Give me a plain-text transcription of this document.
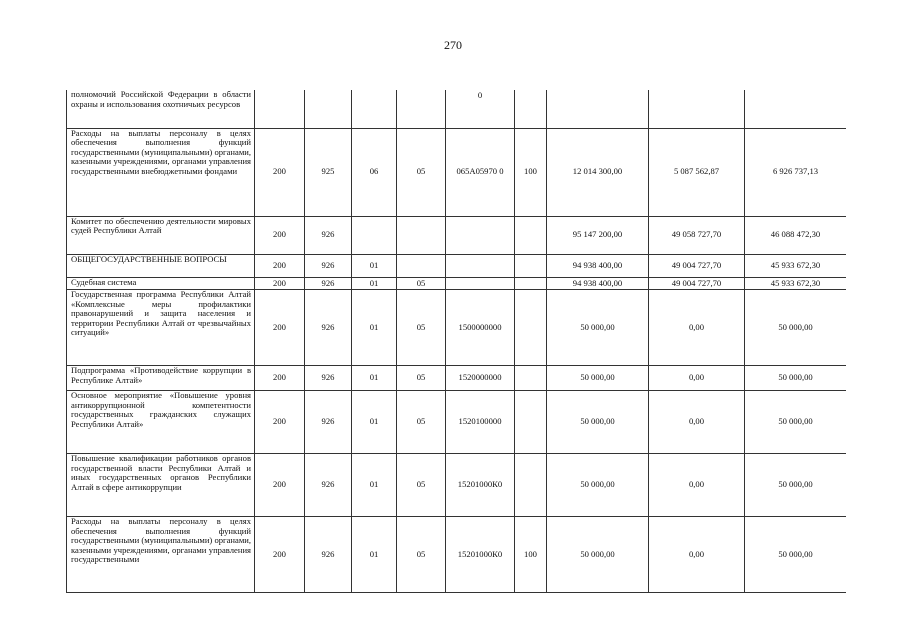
270
полномочий Российской Федерации в области охраны и использования охотничьих ресурсов					0				
Расходы на выплаты персоналу в целях обеспечения выполнения функций государственными (муниципальными) органами, казенными учреждениями, органами управления государственными внебюджетными фондами	200	925	06	05	065А05970 0	100	12 014 300,00	5 087 562,87	6 926 737,13
Комитет по обеспечению деятельности мировых судей Республики Алтай	200	926					95 147 200,00	49 058 727,70	46 088 472,30
ОБЩЕГОСУДАРСТВЕННЫЕ ВОПРОСЫ	200	926	01				94 938 400,00	49 004 727,70	45 933 672,30
Судебная система	200	926	01	05			94 938 400,00	49 004 727,70	45 933 672,30
Государственная программа Республики Алтай «Комплексные меры профилактики правонарушений и защита населения и территории Республики Алтай от чрезвычайных ситуаций»	200	926	01	05	1500000000		50 000,00	0,00	50 000,00
Подпрограмма «Противодействие коррупции в Республике Алтай»	200	926	01	05	1520000000		50 000,00	0,00	50 000,00
Основное мероприятие «Повышение уровня антикоррупционной компетентности государственных гражданских служащих Республики Алтай»	200	926	01	05	1520100000		50 000,00	0,00	50 000,00
Повышение квалификации работников органов государственной власти Республики Алтай и иных государственных органов Республики Алтай в сфере антикоррупции	200	926	01	05	15201000К0		50 000,00	0,00	50 000,00
Расходы на выплаты персоналу в целях обеспечения выполнения функций государственными (муниципальными) органами, казенными учреждениями, органами управления государственными	200	926	01	05	15201000К0	100	50 000,00	0,00	50 000,00
